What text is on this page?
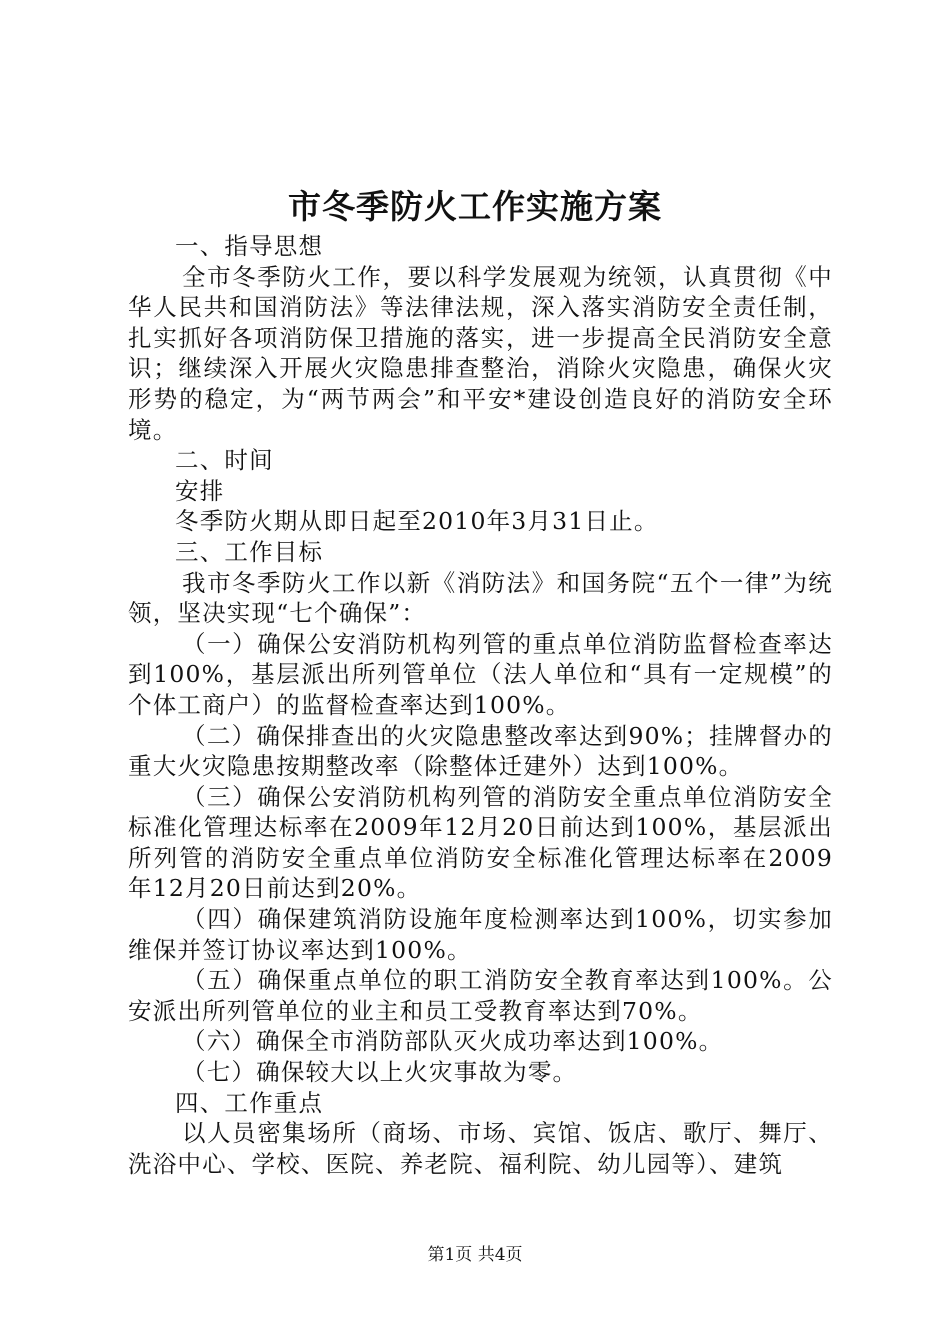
市冬季防火工作实施方案

一、指导思想

全市冬季防火工作，要以科学发展观为统领，认真贯彻《中华人民共和国消防法》等法律法规，深入落实消防安全责任制，扎实抓好各项消防保卫措施的落实，进一步提高全民消防安全意识；继续深入开展火灾隐患排查整治，消除火灾隐患，确保火灾形势的稳定，为“两节两会”和平安*建设创造良好的消防安全环境。

二、时间

安排

冬季防火期从即日起至2010年3月31日止。

三、工作目标

我市冬季防火工作以新《消防法》和国务院“五个一律”为统领，坚决实现“七个确保”：

（一）确保公安消防机构列管的重点单位消防监督检查率达到100%，基层派出所列管单位（法人单位和“具有一定规模”的个体工商户）的监督检查率达到100%。

（二）确保排查出的火灾隐患整改率达到90%；挂牌督办的重大火灾隐患按期整改率（除整体迁建外）达到100%。

（三）确保公安消防机构列管的消防安全重点单位消防安全标准化管理达标率在2009年12月20日前达到100%，基层派出所列管的消防安全重点单位消防安全标准化管理达标率在2009年12月20日前达到20%。

（四）确保建筑消防设施年度检测率达到100%，切实参加维保并签订协议率达到100%。

（五）确保重点单位的职工消防安全教育率达到100%。公安派出所列管单位的业主和员工受教育率达到70%。

（六）确保全市消防部队灭火成功率达到100%。

（七）确保较大以上火灾事故为零。

四、工作重点

以人员密集场所（商场、市场、宾馆、饭店、歌厅、舞厅、洗浴中心、学校、医院、养老院、福利院、幼儿园等）、建筑

第1页 共4页
